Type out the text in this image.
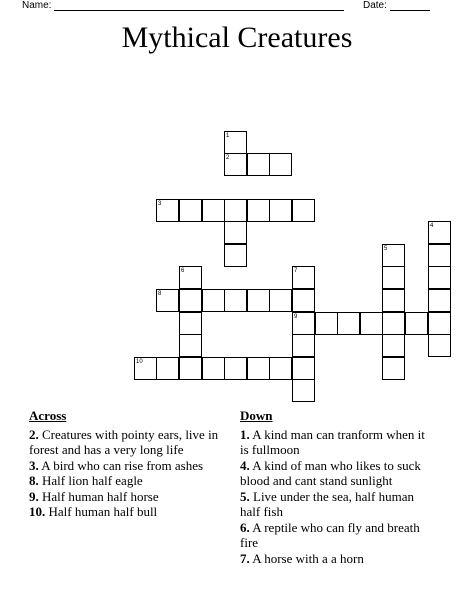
Name:	Date:
Mythical Creatures
1
2
3
4
5
6	7
8
9
10
Across
2. Creatures with pointy ears, live in forest and has a very long life
3. A bird who can rise from ashes
8. Half lion half eagle
9. Half human half horse
10. Half human half bull
Down
1. A kind man can tranform when it is fullmoon
4. A kind of man who likes to suck blood and cant stand sunlight
5. Live under the sea, half human half fish
6. A reptile who can fly and breath fire
7. A horse with a a horn
